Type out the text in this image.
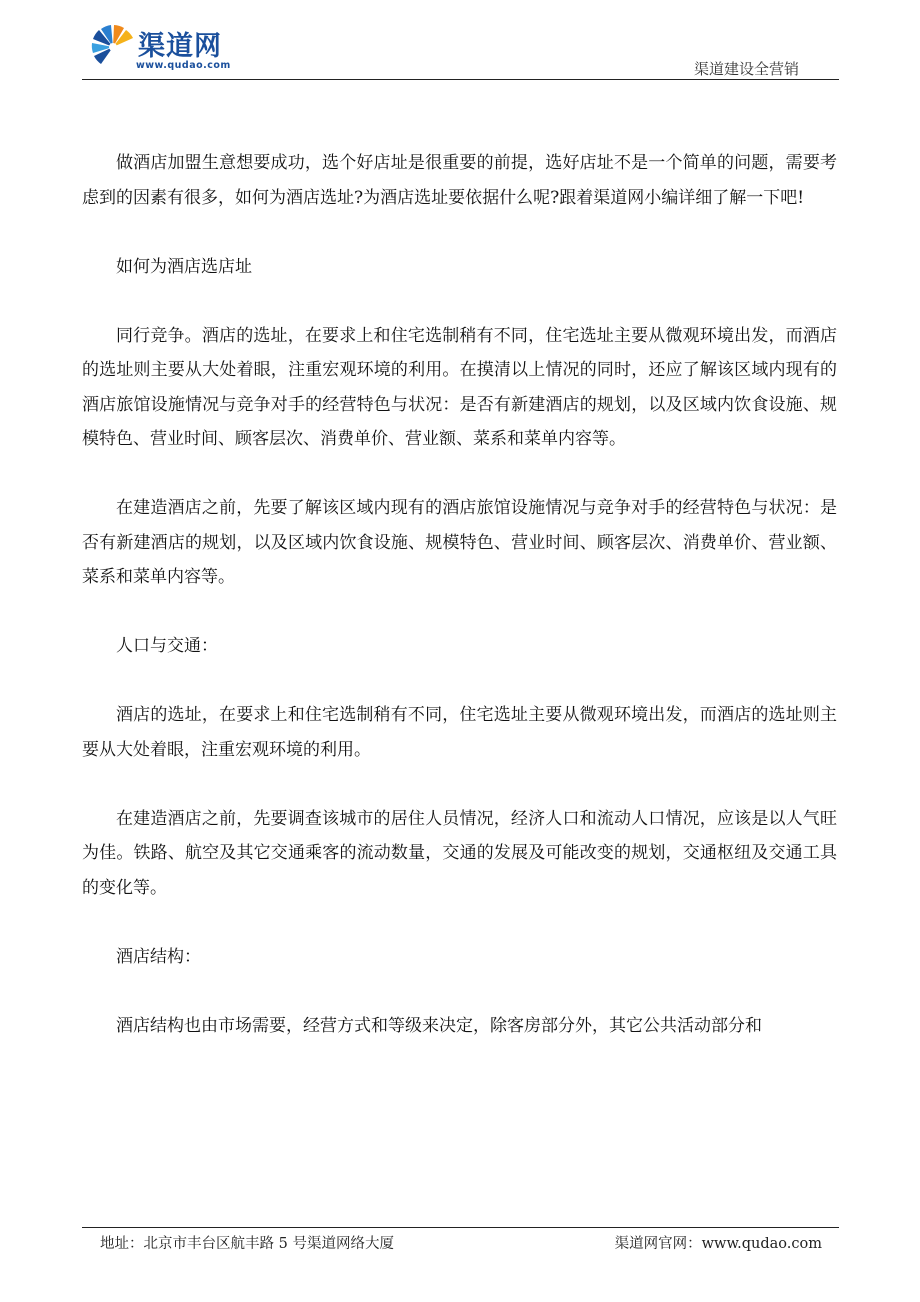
渠道网
www.qudao.com	渠道建设全营销

做酒店加盟生意想要成功，选个好店址是很重要的前提，选好店址不是一个简单的问题，需要考虑到的因素有很多，如何为酒店选址?为酒店选址要依据什么呢?跟着渠道网小编详细了解一下吧!

如何为酒店选店址

同行竞争。酒店的选址，在要求上和住宅选制稍有不同，住宅选址主要从微观环境出发，而酒店的选址则主要从大处着眼，注重宏观环境的利用。在摸清以上情况的同时，还应了解该区域内现有的酒店旅馆设施情况与竞争对手的经营特色与状况：是否有新建酒店的规划，以及区域内饮食设施、规模特色、营业时间、顾客层次、消费单价、营业额、菜系和菜单内容等。

在建造酒店之前，先要了解该区域内现有的酒店旅馆设施情况与竞争对手的经营特色与状况：是否有新建酒店的规划，以及区域内饮食设施、规模特色、营业时间、顾客层次、消费单价、营业额、菜系和菜单内容等。

人口与交通：

酒店的选址，在要求上和住宅选制稍有不同，住宅选址主要从微观环境出发，而酒店的选址则主要从大处着眼，注重宏观环境的利用。

在建造酒店之前，先要调查该城市的居住人员情况，经济人口和流动人口情况，应该是以人气旺为佳。铁路、航空及其它交通乘客的流动数量，交通的发展及可能改变的规划，交通枢纽及交通工具的变化等。

酒店结构：

酒店结构也由市场需要，经营方式和等级来决定，除客房部分外，其它公共活动部分和

地址：北京市丰台区航丰路 5 号渠道网络大厦	渠道网官网：www.qudao.com
